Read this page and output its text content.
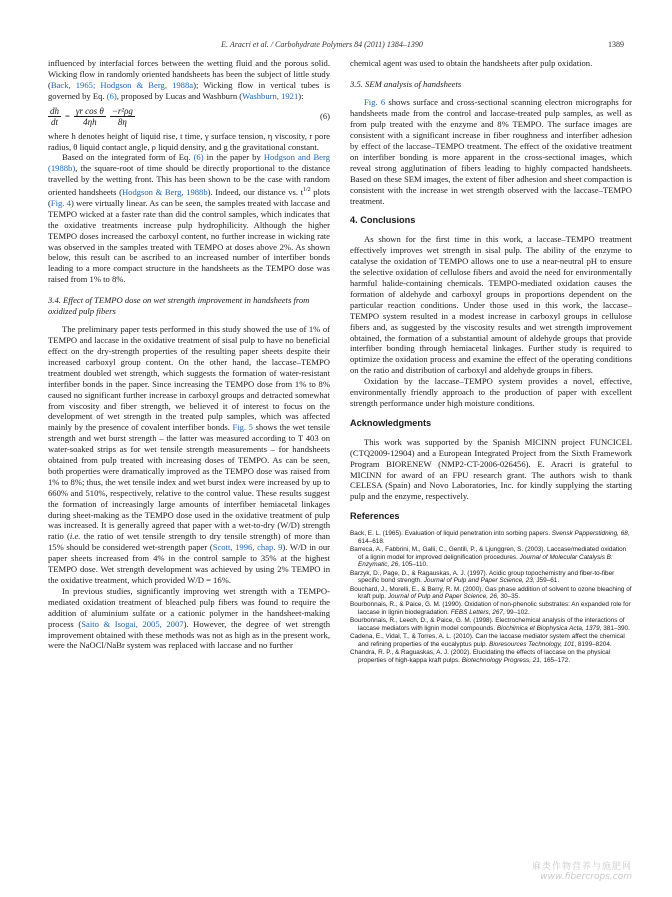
E. Aracri et al. / Carbohydrate Polymers 84 (2011) 1384–1390	1389

influenced by interfacial forces between the wetting fluid and the porous solid. Wicking flow in randomly oriented handsheets has been the subject of little study (Back, 1965; Hodgson & Berg, 1988a); Wicking flow in vertical tubes is governed by Eq. (6), proposed by Lucas and Washburn (Washburn, 1921):

$\frac{dh}{dt} = \frac{\text{γr cos θ}}{4\eta h} \frac{\text{−r²ρg}}{8\eta}$	(6)

where h denotes height of liquid rise, t time, γ surface tension, η viscosity, r pore radius, θ liquid contact angle, ρ liquid density, and g the gravitational constant.

Based on the integrated form of Eq. (6) in the paper by Hodgson and Berg (1988b), the square-root of time should be directly proportional to the distance travelled by the wetting front. This has been shown to be the case with random oriented handsheets (Hodgson & Berg, 1988b). Indeed, our distance vs. $t^{1/2}$ plots (Fig. 4) were virtually linear. As can be seen, the samples treated with laccase and TEMPO wicked at a faster rate than did the control samples, which indicates that the oxidative treatments increase pulp hydrophilicity. Although the higher TEMPO doses increased the carboxyl content, no further increase in wicking rate was observed in the samples treated with TEMPO at doses above 2%. As shown below, this result can be ascribed to an increased number of interfiber bonds leading to a more compact structure in the handsheets as the TEMPO dose was raised from 1% to 8%.

3.4. Effect of TEMPO dose on wet strength improvement in handsheets from oxidized pulp fibers

The preliminary paper tests performed in this study showed the use of 1% of TEMPO and laccase in the oxidative treatment of sisal pulp to have no beneficial effect on the dry-strength properties of the resulting paper sheets despite their increased carboxyl group content. On the other hand, the laccase–TEMPO treatment doubled wet strength, which suggests the formation of water-resistant interfiber bonds in the paper. Since increasing the TEMPO dose from 1% to 8% caused no significant further increase in carboxyl groups and detracted somewhat from viscosity and fiber strength, we believed it of interest to focus on the development of wet strength in the treated pulp samples, which was affected mainly by the presence of covalent interfiber bonds. Fig. 5 shows the wet tensile strength and wet burst strength – the latter was measured according to T 403 on water-soaked strips as for wet tensile strength measurements – for handsheets obtained from pulp treated with increasing doses of TEMPO. As can be seen, both properties were dramatically improved as the TEMPO dose was raised from 1% to 8%; thus, the wet tensile index and wet burst index were increased by up to 660% and 510%, respectively, relative to the control value. These results suggest the formation of increasingly large amounts of interfiber hemiacetal linkages during sheet-making as the TEMPO dose used in the oxidative treatment of pulp was increased. It is generally agreed that paper with a wet-to-dry (W/D) strength ratio (i.e. the ratio of wet tensile strength to dry tensile strength) of more than 15% should be considered wet-strength paper (Scott, 1996, chap. 9). W/D in our paper sheets increased from 4% in the control sample to 35% at the highest TEMPO dose. Wet strength development was achieved by using 2% TEMPO in the oxidative treatment, which provided W/D = 16%.

In previous studies, significantly improving wet strength with a TEMPO-mediated oxidation treatment of bleached pulp fibers was found to require the addition of aluminium sulfate or a cationic polymer in the handsheet-making process (Saito & Isogai, 2005, 2007). However, the degree of wet strength improvement obtained with these methods was not as high as in the present work, were the NaOCl/NaBr system was replaced with laccase and no further

chemical agent was used to obtain the handsheets after pulp oxidation.

3.5. SEM analysis of handsheets

Fig. 6 shows surface and cross-sectional scanning electron micrographs for handsheets made from the control and laccase-treated pulp samples, as well as from pulp treated with the enzyme and 8% TEMPO. The surface images are consistent with a significant increase in fiber roughness and interfiber adhesion by effect of the laccase–TEMPO treatment. The effect of the oxidative treatment on interfiber bonding is more apparent in the cross-sectional images, which reveal strong agglutination of fibers leading to highly compacted handsheets. Based on these SEM images, the extent of fiber adhesion and sheet compaction is consistent with the increase in wet strength observed with the laccase–TEMPO treatment.

4. Conclusions

As shown for the first time in this work, a laccase–TEMPO treatment effectively improves wet strength in sisal pulp. The ability of the enzyme to catalyse the oxidation of TEMPO allows one to use a near-neutral pH to ensure the selective oxidation of cellulose fibers and avoid the need for environmentally harmful halide-containing chemicals. TEMPO-mediated oxidation causes the formation of aldehyde and carboxyl groups in proportions dependent on the particular reaction conditions. Under those used in this work, the laccase–TEMPO system resulted in a modest increase in carboxyl groups in cellulose fibers and, as suggested by the viscosity results and wet strength improvement obtained, the formation of a substantial amount of aldehyde groups that provide interfiber bonding through hemiacetal linkages. Further study is required to optimize the oxidation process and examine the effect of the operating conditions on the ratio and distribution of carboxyl and aldehyde groups in fibers.

Oxidation by the laccase–TEMPO system provides a novel, effective, environmentally friendly approach to the production of paper with excellent strength performance under high moisture conditions.

Acknowledgments

This work was supported by the Spanish MICINN project FUNCICEL (CTQ2009-12904) and a European Integrated Project from the Sixth Framework Program BIORENEW (NMP2-CT-2006-026456). E. Aracri is grateful to MICINN for award of an FPU research grant. The authors wish to thank CELESA (Spain) and Novo Laboratories, Inc. for kindly supplying the starting pulp and the enzyme, respectively.

References

Back, E. L. (1965). Evaluation of liquid penetration into sorbing papers. Svensk Papperstidning, 68, 614–618.

Barreca, A., Fabbrini, M., Galli, C., Gentili, P., & Ljunggren, S. (2003). Laccase/mediated oxidation of a lignin model for improved delignification procedures. Journal of Molecular Catalysis B: Enzymatic, 26, 105–110.

Barzyk, D., Page, D., & Ragauskas, A. J. (1997). Acidic group topochemistry and fiber-to-fiber specific bond strength. Journal of Pulp and Paper Science, 23, J59–61.

Bouchard, J., Morelli, E., & Berry, R. M. (2000). Gas phase addition of solvent to ozone bleaching of kraft pulp. Journal of Pulp and Paper Science, 26, 30–35.

Bourbonnais, R., & Paice, G. M. (1990). Oxidation of non-phenolic substrates: An expanded role for laccase in lignin biodegradation. FEBS Letters, 267, 99–102.

Bourbonnais, R., Leech, D., & Paice, G. M. (1998). Electrochemical analysis of the interactions of laccase mediators with lignin model compounds. Biochimica et Biophysica Acta, 1379, 381–390.

Cadena, E., Vidal, T., & Torres, A. L. (2010). Can the laccase mediator system affect the chemical and refining properties of the eucalyptus pulp. Bioresources Technology, 101, 8199–8204.

Chandra, R. P., & Raguaskas, A. J. (2002). Elucidating the effects of laccase on the physical properties of high-kappa kraft pulps. Biotechnology Progress, 21, 165–172.

麻类作物营养与施肥网
www.fibercrops.com
